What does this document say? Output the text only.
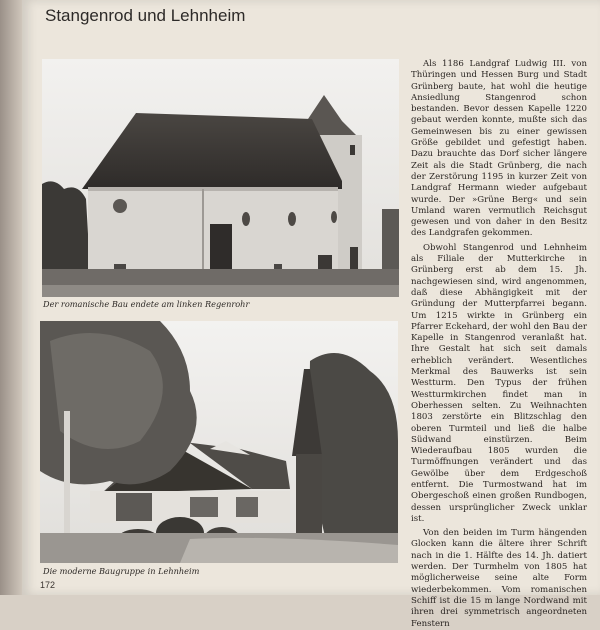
Stangenrod und Lehnheim

Der romanische Bau endete am linken Regenrohr

Die moderne Baugruppe in Lehnheim

Als 1186 Landgraf Ludwig III. von Thüringen und Hessen Burg und Stadt Grünberg baute, hat wohl die heutige Ansiedlung Stangenrod schon bestanden. Bevor dessen Kapelle 1220 gebaut werden konnte, mußte sich das Gemeinwesen bis zu einer gewissen Größe gebildet und gefestigt haben. Dazu brauchte das Dorf sicher längere Zeit als die Stadt Grünberg, die nach der Zerstörung 1195 in kurzer Zeit von Landgraf Hermann wieder aufgebaut wurde. Der »Grüne Berg« und sein Umland waren vermutlich Reichsgut gewesen und von daher in den Besitz des Landgrafen gekommen.

Obwohl Stangenrod und Lehnheim als Filiale der Mutterkirche in Grünberg erst ab dem 15. Jh. nachgewiesen sind, wird angenommen, daß diese Abhängigkeit mit der Gründung der Mutterpfarrei begann. Um 1215 wirkte in Grünberg ein Pfarrer Eckehard, der wohl den Bau der Kapelle in Stangenrod veranlaßt hat. Ihre Gestalt hat sich seit damals erheblich verändert. Wesentliches Merkmal des Bauwerks ist sein Westturm. Den Typus der frühen Westturmkirchen findet man in Oberhessen selten. Zu Weihnachten 1803 zerstörte ein Blitzschlag den oberen Turmteil und ließ die halbe Südwand einstürzen. Beim Wiederaufbau 1805 wurden die Turmöffnungen verändert und das Gewölbe über dem Erdgeschoß entfernt. Die Turmostwand hat im Obergeschoß einen großen Rundbogen, dessen ursprünglicher Zweck unklar ist.

Von den beiden im Turm hängenden Glocken kann die ältere ihrer Schrift nach in die 1. Hälfte des 14. Jh. datiert werden. Der Turmhelm von 1805 hat möglicherweise seine alte Form wiederbekommen. Vom romanischen Schiff ist die 15 m lange Nordwand mit ihren drei symmetrisch angeordneten Fenstern

172
